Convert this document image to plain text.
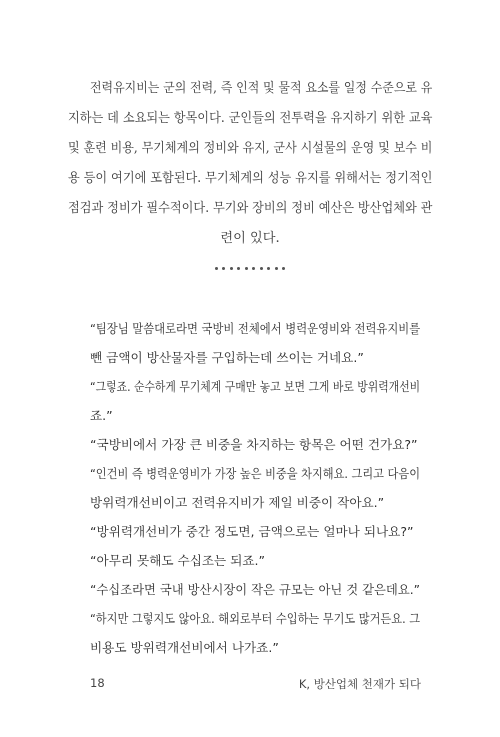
전력유지비는 군의 전력, 즉 인적 및 물적 요소를 일정 수준으로 유
지하는 데 소요되는 항목이다. 군인들의 전투력을 유지하기 위한 교육
및 훈련 비용, 무기체계의 정비와 유지, 군사 시설물의 운영 및 보수 비
용 등이 여기에 포함된다. 무기체계의 성능 유지를 위해서는 정기적인
점검과 정비가 필수적이다. 무기와 장비의 정비 예산은 방산업체와 관
련이 있다.
“팀장님 말씀대로라면 국방비 전체에서 병력운영비와 전력유지비를
뺀 금액이 방산물자를 구입하는데 쓰이는 거네요.”
“그렇죠. 순수하게 무기체계 구매만 놓고 보면 그게 바로 방위력개선비
죠.”
“국방비에서 가장 큰 비중을 차지하는 항목은 어떤 건가요?”
“인건비 즉 병력운영비가 가장 높은 비중을 차지해요. 그리고 다음이
방위력개선비이고 전력유지비가 제일 비중이 작아요.”
“방위력개선비가 중간 정도면, 금액으로는 얼마나 되나요?”
“아무리 못해도 수십조는 되죠.”
“수십조라면 국내 방산시장이 작은 규모는 아닌 것 같은데요.”
“하지만 그렇지도 않아요. 해외로부터 수입하는 무기도 많거든요. 그
비용도 방위력개선비에서 나가죠.”
18	K, 방산업체 천재가 되다
